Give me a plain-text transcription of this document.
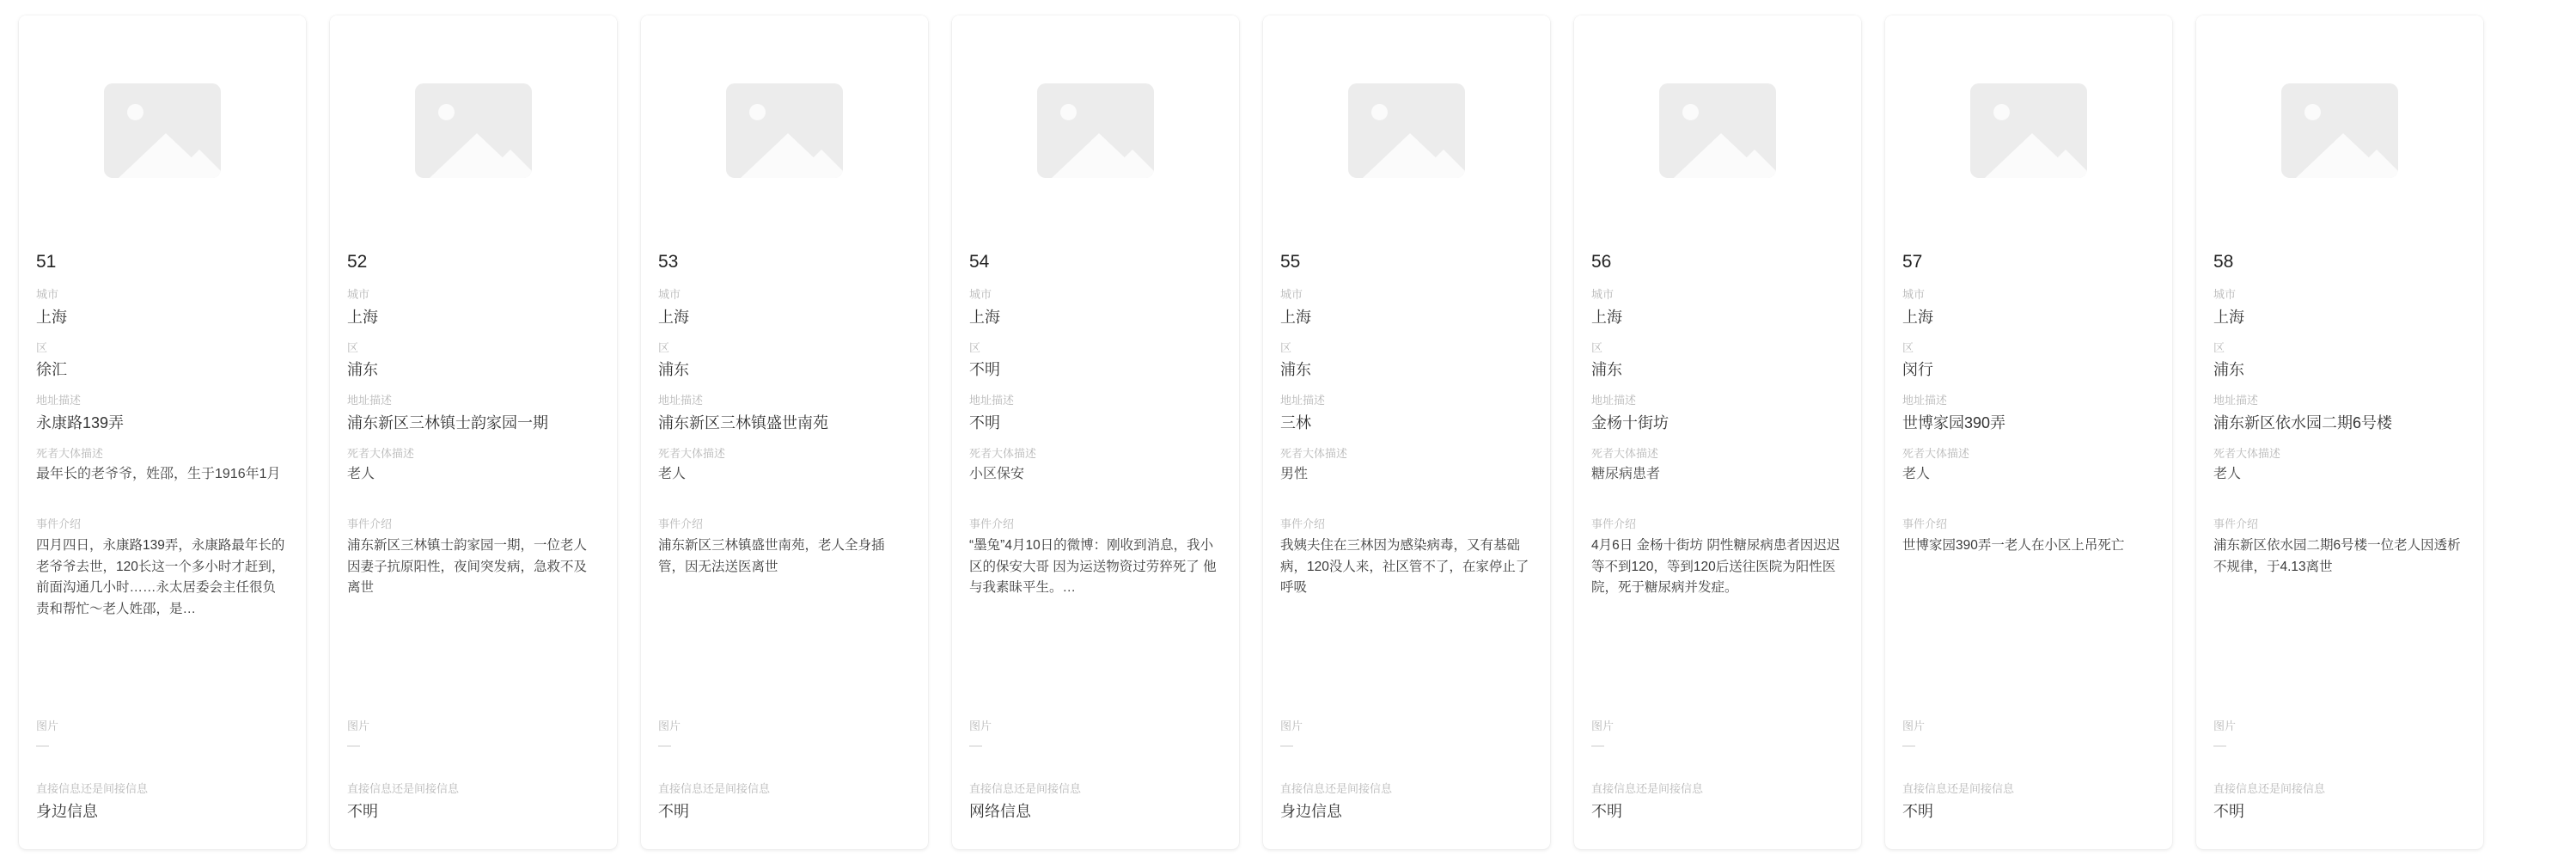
51
城市
上海
区
徐汇
地址描述
永康路139弄
死者大体描述
最年长的老爷爷，姓邵，生于1916年1月
事件介绍
四月四日，永康路139弄，永康路最年长的老爷爷去世，120长这一个多小时才赶到，前面沟通几小时……永太居委会主任很负责和帮忙～老人姓邵，是…
图片
—
直接信息还是间接信息
身边信息
52
城市
上海
区
浦东
地址描述
浦东新区三林镇士韵家园一期
死者大体描述
老人
事件介绍
浦东新区三林镇士韵家园一期，一位老人因妻子抗原阳性，夜间突发病，急救不及离世
图片
—
直接信息还是间接信息
不明
53
城市
上海
区
浦东
地址描述
浦东新区三林镇盛世南苑
死者大体描述
老人
事件介绍
浦东新区三林镇盛世南苑，老人全身插管，因无法送医离世
图片
—
直接信息还是间接信息
不明
54
城市
上海
区
不明
地址描述
不明
死者大体描述
小区保安
事件介绍
“墨兔”4月10日的微博：刚收到消息，我小区的保安大哥 因为运送物资过劳猝死了 他与我素昧平生。…
图片
—
直接信息还是间接信息
网络信息
55
城市
上海
区
浦东
地址描述
三林
死者大体描述
男性
事件介绍
我姨夫住在三林因为感染病毒，又有基础病，120没人来，社区管不了，在家停止了呼吸
图片
—
直接信息还是间接信息
身边信息
56
城市
上海
区
浦东
地址描述
金杨十街坊
死者大体描述
糖尿病患者
事件介绍
4月6日 金杨十街坊 阴性糖尿病患者因迟迟等不到120，等到120后送往医院为阳性医院，死于糖尿病并发症。
图片
—
直接信息还是间接信息
不明
57
城市
上海
区
闵行
地址描述
世博家园390弄
死者大体描述
老人
事件介绍
世博家园390弄一老人在小区上吊死亡
图片
—
直接信息还是间接信息
不明
58
城市
上海
区
浦东
地址描述
浦东新区依水园二期6号楼
死者大体描述
老人
事件介绍
浦东新区依水园二期6号楼一位老人因透析不规律，于4.13离世
图片
—
直接信息还是间接信息
不明
